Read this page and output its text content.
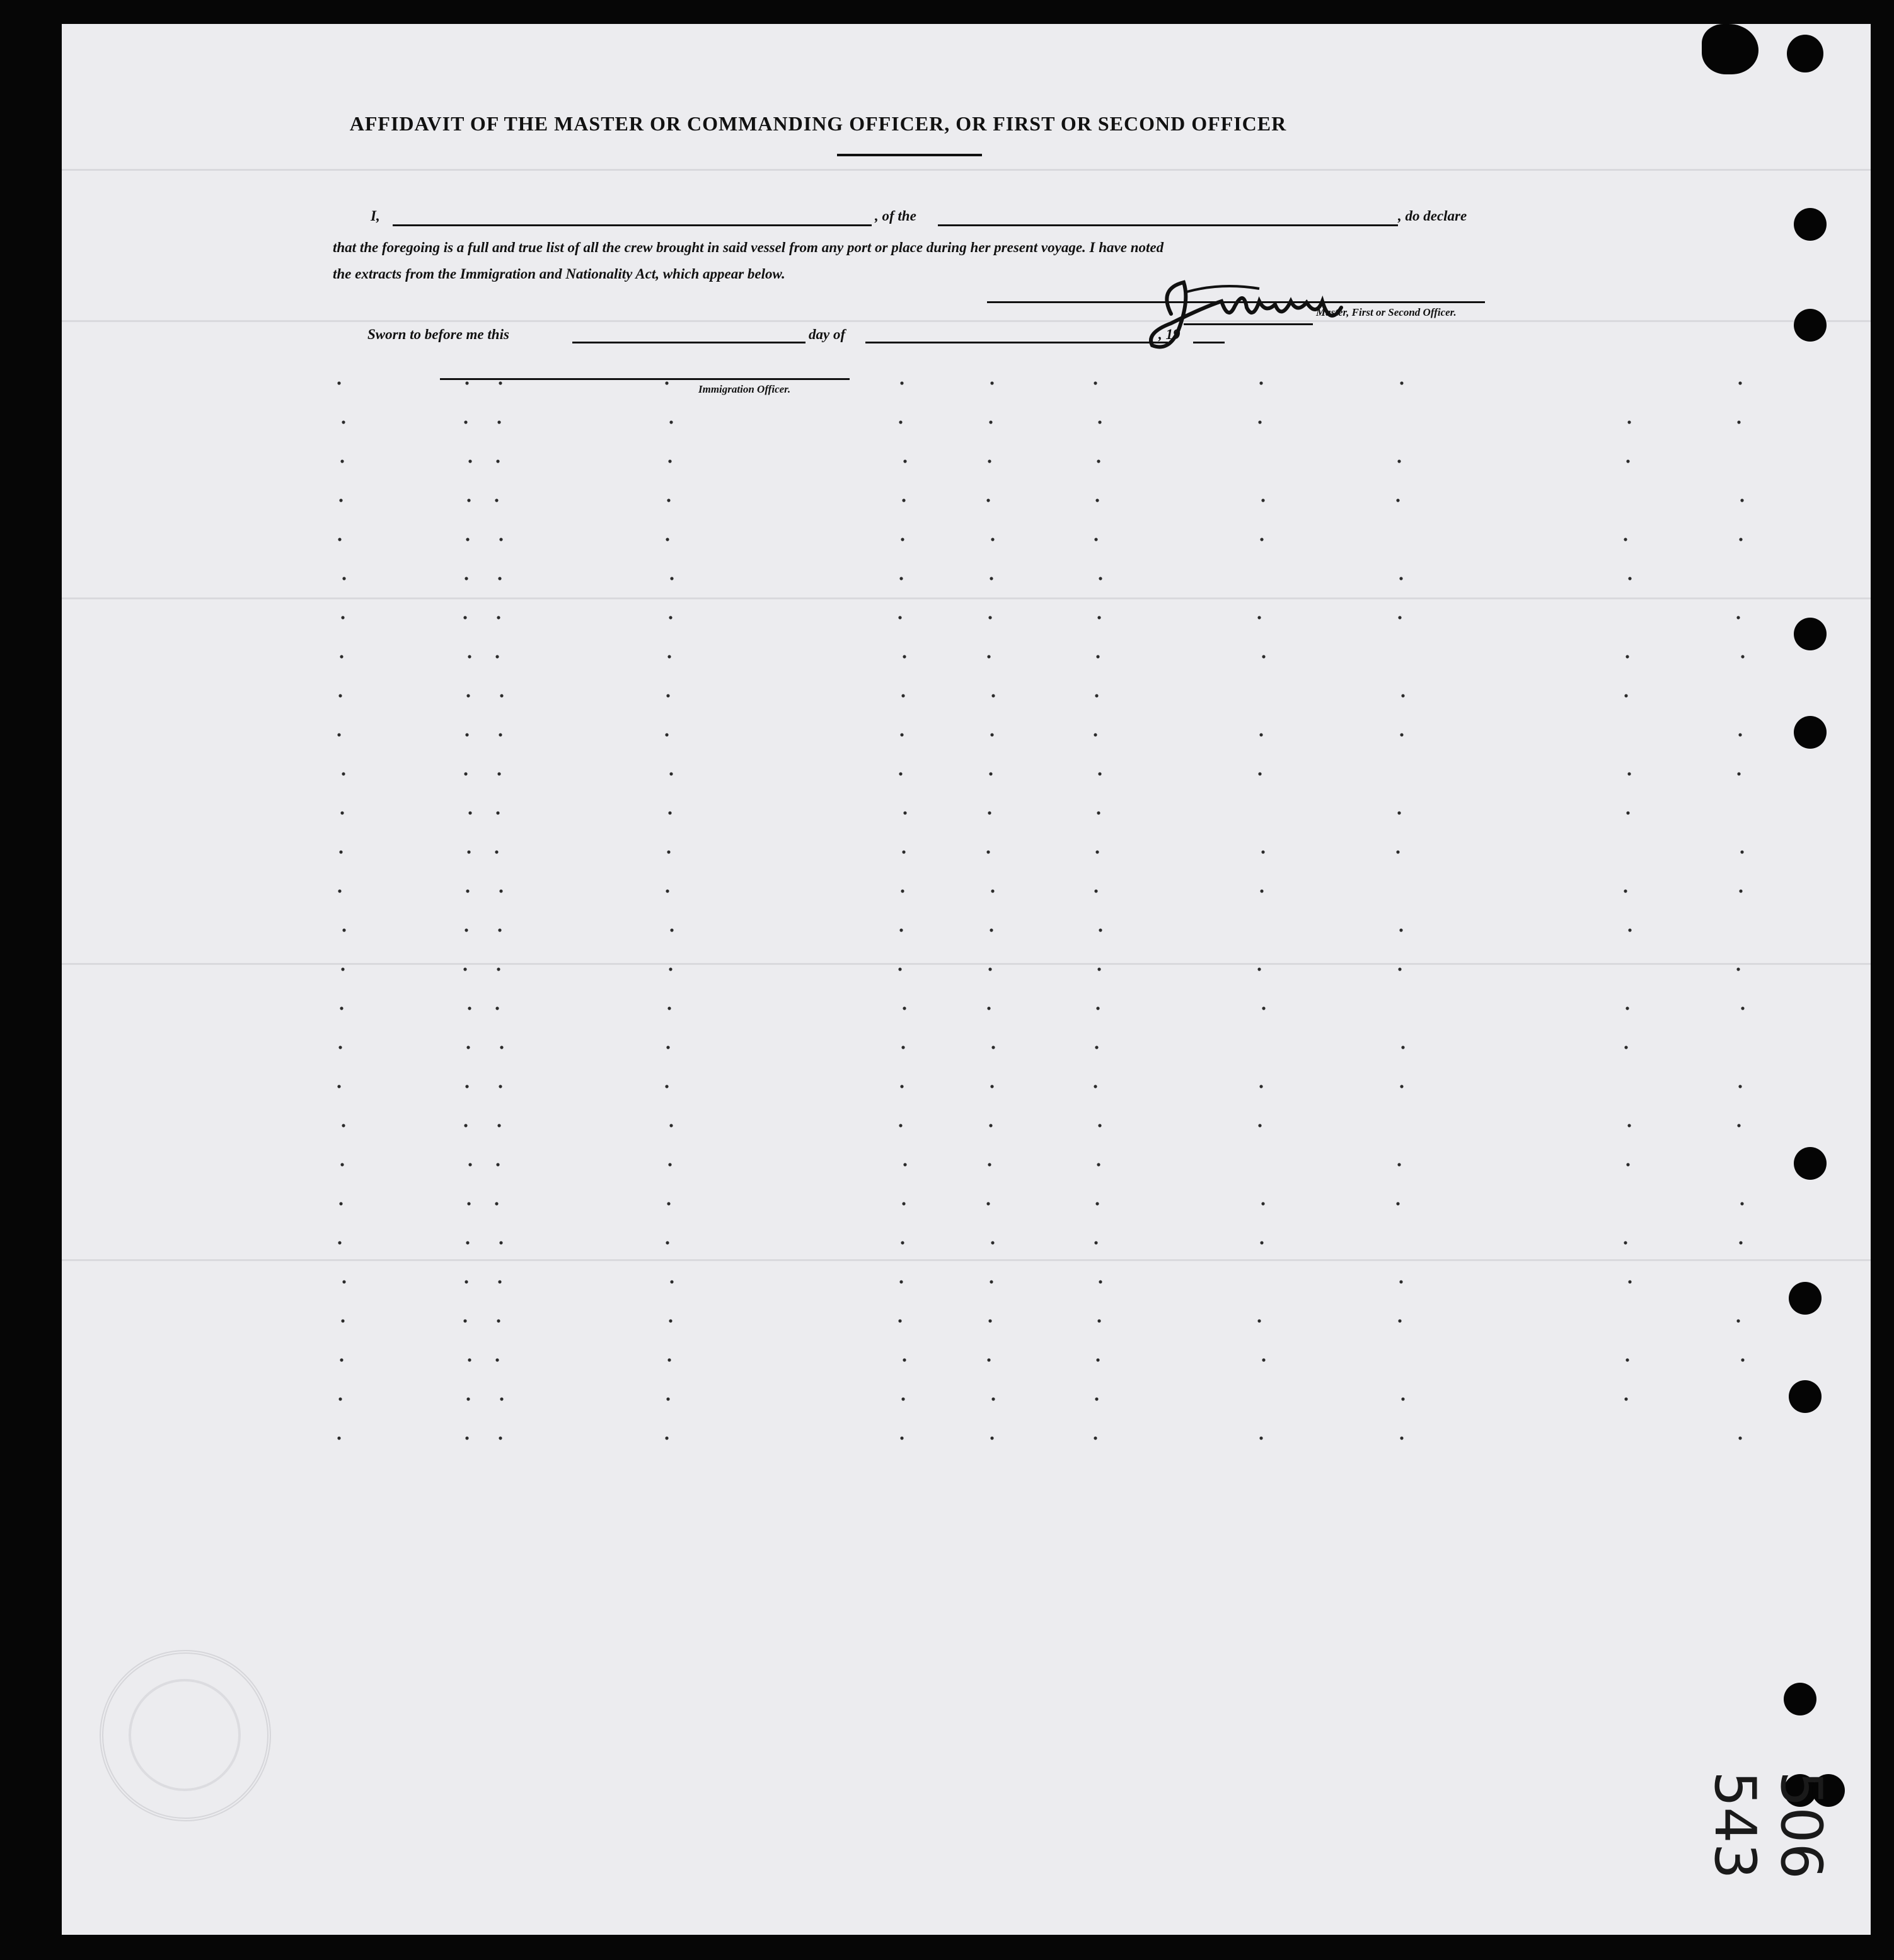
AFFIDAVIT OF THE MASTER OR COMMANDING OFFICER, OR FIRST OR SECOND OFFICER
I,	, of the	, do declare
that the foregoing is a full and true list of all the crew brought in said vessel from any port or place during her present voyage. I have noted
the extracts from the Immigration and Nationality Act, which appear below.
Master, First or Second Officer.
Sworn to before me this	day of	, 19
Immigration Officer.
506 543
